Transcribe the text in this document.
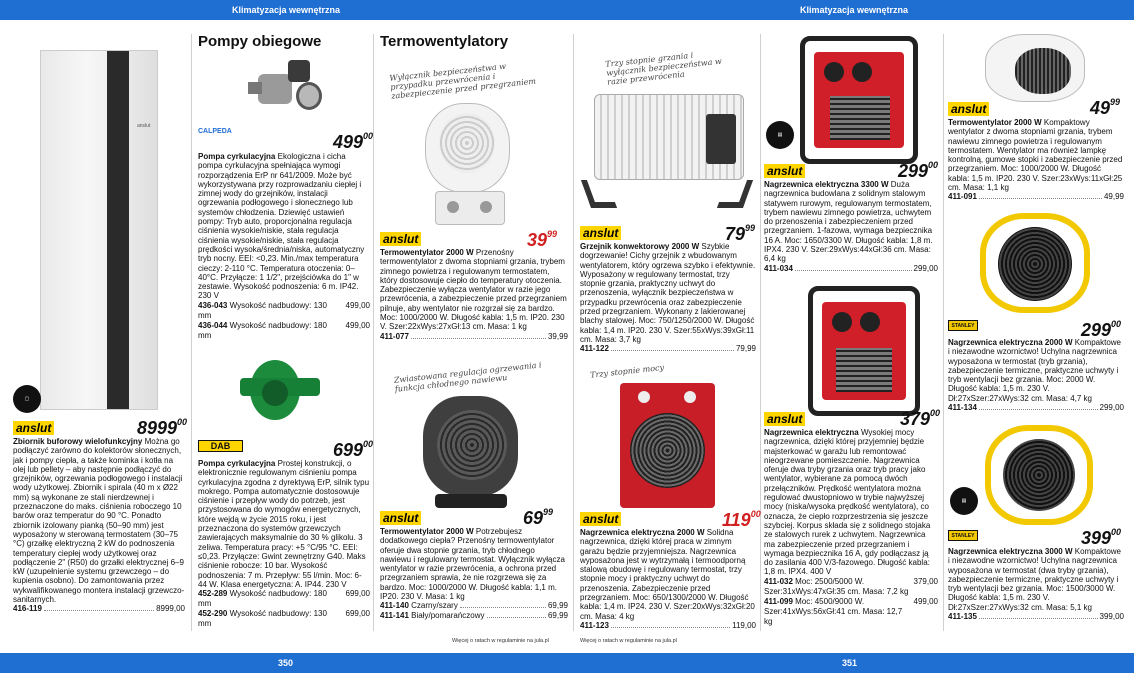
Klimatyzacja wewnętrzna	Klimatyzacja wewnętrzna
anslut
▢
anslut	8999$^{00}$
Zbiornik buforowy wielofunkcyjny Można go podłączyć zarówno do kolektorów słonecznych, jak i pompy ciepła, a także kominka i kotła na olej lub pellety – aby następnie podłączyć do grzejników, ogrzewania podłogowego i instalacji wody użytkowej. Zbiornik i spirala (40 m x Ø22 mm) są wykonane ze stali nierdzewnej i przeznaczone do maks. ciśnienia roboczego 10 barów oraz temperatur do 90 °C. Ponadto zbiornik izolowany pianką (50–90 mm) jest wyposażony w sterowaną termostatem (30–75 °C) grzałkę elektryczną 2 kW do podnoszenia temperatury ciepłej wody użytkowej oraz podłączenie 2" (R50) do grzałki elektrycznej 6–9 kW (uzupełnienie systemu grzewczego – do kupienia osobno). Do zamontowania przez wykwalifikowanego montera instalacji grzewczo-sanitarnych.
416-119	8999,00
Pompy obiegowe
CALPEDA
$499^{00}$
Pompa cyrkulacyjna Ekologiczna i cicha pompa cyrkulacyjna spełniająca wymogi rozporządzenia ErP nr 641/2009. Może być wykorzystywana przy rozprowadzaniu ciepłej i zimnej wody do grzejników, instalacji ogrzewania podłogowego i słonecznego lub systemów chłodzenia. Dziewięć ustawień pompy: Tryb auto, proporcjonalna regulacja ciśnienia wysokie/niskie, stała regulacja ciśnienia wysokie/niskie, stała regulacja prędkości wysoka/średnia/niska, automatyczny tryb nocny. EEI: <0,23. Min./max temperatura cieczy: 2-110 °C. Temperatura otoczenia: 0–40°C. Przyłącze: 1 1/2", przejściówka do 1" w zestawie. Wysokość podnoszenia: 6 m. IP42. 230 V
436-043 Wysokość nadbudowy: 130 mm
499,00
436-044 Wysokość nadbudowy: 180 mm
499,00
DAB	$699^{00}$
Pompa cyrkulacyjna Prostej konstrukcji, o elektronicznie regulowanym ciśnieniu pompa cyrkulacyjna zgodna z dyrektywą ErP, silnik typu mokrego. Pompa automatycznie dostosowuje ciśnienie i przepływ wody do potrzeb, jest przystosowana do wymogów energetycznych, które wejdą w życie 2015 roku, i jest przeznaczona do systemów grzewczych zawierających maksymalnie do 30 % glikolu. 3 zeliwa. Temperatura pracy: +5 °C/95 °C. EEI: ≤0,23. Przyłącze: Gwint zewnętrzny G40. Maks ciśnienie robocze: 10 bar. Wysokość podnoszenia: 7 m. Przepływ: 55 l/min. Moc: 6-44 W. Klasa energetyczna: A. IP44. 230 V
452-289 Wysokość nadbudowy: 180 mm
699,00
452-290 Wysokość nadbudowy: 130 mm
699,00
Termowentylatory
Wyłącznik bezpieczeństwa w przypadku przewrócenia i zabezpieczenie przed przegrzaniem
anslut	$39^{99}$
Termowentylator 2000 W Przenośny termowentylator z dwoma stopniami grzania, trybem zimnego powietrza i regulowanym termostatem, który dostosowuje ciepło do temperatury otoczenia. Zabezpieczenie wyłącza wentylator w razie jego przewrócenia, a zabezpieczenie przed przegrzaniem pilnuje, aby wentylator nie rozgrzał się za bardzo. Moc: 1000/2000 W. Długość kabla: 1,5 m. IP20. 230 V. Szer:22xWys:27xGł:13 cm. Masa: 1 kg
411-077	39,99
Zwiastowana regulacja ogrzewania i funkcja chłodnego nawiewu
anslut	$69^{99}$
Termowentylator 2000 W Potrzebujesz dodatkowego ciepła? Przenośny termowentylator oferuje dwa stopnie grzania, tryb chłodnego nawiewu i regulowany termostat. Wyłącznik wyłącza wentylator w razie przewrócenia, a ochrona przed przegrzaniem sprawia, że nie rozgrzewa się za bardzo. Moc: 1000/2000 W. Długość kabla: 1,1 m. IP20. 230 V. Masa: 1 kg
411-140 Czarny/szary	69,99
411-141 Biały/pomarańczowy	69,99
Trzy stopnie grzania i wyłącznik bezpieczeństwa w razie przewrócenia
anslut	$79^{99}$
Grzejnik konwektorowy 2000 W Szybkie dogrzewanie! Cichy grzejnik z wbudowanym wentylatorem, który ogrzewa szybko i efektywnie. Wyposażony w regulowany termostat, trzy stopnie grzania, praktyczny uchwyt do przenoszenia, wyłącznik bezpieczeństwa w przypadku przewrócenia oraz zabezpieczenie przed przegrzaniem. Wykonany z lakierowanej blachy stalowej. Moc: 750/1250/2000 W. Długość kabla: 1,4 m. IP20. 230 V. Szer:55xWys:39xGł:11 cm. Masa: 3,7 kg
411-122	79,99
Trzy stopnie mocy
anslut	$119^{00}$
Nagrzewnica elektryczna 2000 W Solidna nagrzewnica, dzięki której praca w zimnym garażu będzie przyjemniejsza. Nagrzewnica wyposażona jest w wytrzymałą i termoodporną stalową obudowę i regulowany termostat, trzy stopnie mocy i praktyczny uchwyt do przenoszenia. Zabezpieczenie przed przegrzaniem. Moc: 650/1300/2000 W. Długość kabla: 1,4 m. IP24. 230 V. Szer:20xWys:32xGł:20 cm. Masa: 4 kg
411-123	119,00
▤
anslut	$299^{00}$
Nagrzewnica elektryczna 3300 W Duża nagrzewnica budowlana z solidnym stalowym statywem rurowym, regulowanym termostatem, trybem nawiewu zimnego powietrza, uchwytem do przenoszenia i zabezpieczeniem przed przegrzaniem. 1-fazowa, wymaga bezpiecznika 16 A. Moc: 1650/3300 W. Długość kabla: 1,8 m. IPX4. 230 V. Szer:29xWys:44xGł:36 cm. Masa: 6,4 kg
411-034	299,00
anslut	$379^{00}$
Nagrzewnica elektryczna Wysokiej mocy nagrzewnica, dzięki której przyjemniej będzie majsterkować w garażu lub remontować nieogrzewane pomieszczenie. Nagrzewnica oferuje dwa tryby grzania oraz tryb pracy jako wentylator, wybierane za pomocą dwóch przełączników. Prędkość wentylatora można regulować dwustopniowo w trybie najwyższej mocy (niska/wysoka prędkość wentylatora), co oznacza, że ciepło rozprzestrzenia się jeszcze szybciej. Korpus składa się z solidnego stojaka ze stalowych rurek z uchwytem. Nagrzewnica ma zabezpieczenie przed przegrzaniem i wymaga bezpiecznika 16 A, gdy podłączasz ją do zasilania 400 V/3-fazowego. Długość kabla: 1,8 m. IPX4. 400 V
411-032 Moc: 2500/5000 W. Szer:31xWys:47xGł:35 cm. Masa: 7,2 kg
379,00
411-099 Moc: 4500/9000 W. Szer:41xWys:56xGł:41 cm. Masa: 12,7 kg
499,00
anslut	$49^{99}$
Termowentylator 2000 W Kompaktowy wentylator z dwoma stopniami grzania, trybem nawiewu zimnego powietrza i regulowanym termostatem. Wentylator ma również lampkę kontrolną, gumowe stopki i zabezpieczenie przed przegrzaniem. Moc: 1000/2000 W. Długość kabla: 1,5 m. IP20. 230 V. Szer:23xWys:11xGł:25 cm. Masa: 1,1 kg
411-091	49,99
STANLEY	$299^{00}$
Nagrzewnica elektryczna 2000 W Kompaktowe i niezawodne wzornictwo! Uchylna nagrzewnica wyposażona w termostat (tryb grzania), zabezpieczenie termiczne, praktyczne uchwyty i tryb wentylacji bez grzania. Moc: 2000 W. Długość kabla: 1,5 m. 230 V. Dł:27xSzer:27xWys:32 cm. Masa: 4,7 kg
411-134	299,00
▤
STANLEY	$399^{00}$
Nagrzewnica elektryczna 3000 W Kompaktowe i niezawodne wzornictwo! Uchylna nagrzewnica wyposażona w termostat (dwa tryby grzania), zabezpieczenie termiczne, praktyczne uchwyty i tryb wentylacji bez grzania. Moc: 1500/3000 W. Długość kabla: 1,5 m. 230 V. Dł:27xSzer:27xWys:32 cm. Masa: 5,1 kg
411-135	399,00
Więcej o ratach w regulaminie na jula.pl	Więcej o ratach w regulaminie na jula.pl
350	351
